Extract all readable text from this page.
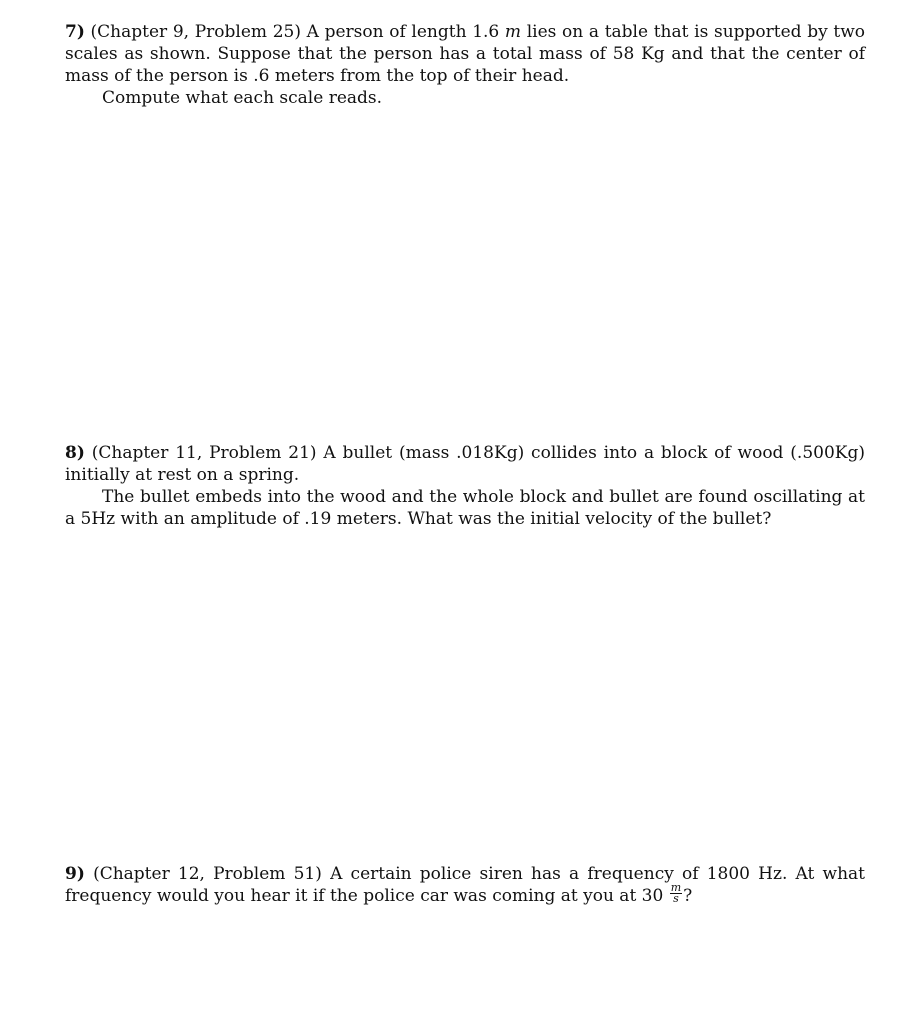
7) (Chapter 9, Problem 25) A person of length 1.6 m lies on a table that is supported by two scales as shown. Suppose that the person has a total mass of 58 Kg and that the center of mass of the person is .6 meters from the top of their head.

Compute what each scale reads.

8) (Chapter 11, Problem 21) A bullet (mass .018Kg) collides into a block of wood (.500Kg) initially at rest on a spring.

The bullet embeds into the wood and the whole block and bullet are found oscillating at a 5Hz with an amplitude of .19 meters. What was the initial velocity of the bullet?

9) (Chapter 12, Problem 51) A certain police siren has a frequency of 1800 Hz. At what frequency would you hear it if the police car was coming at you at $30 \frac{m}{s}$ ?
